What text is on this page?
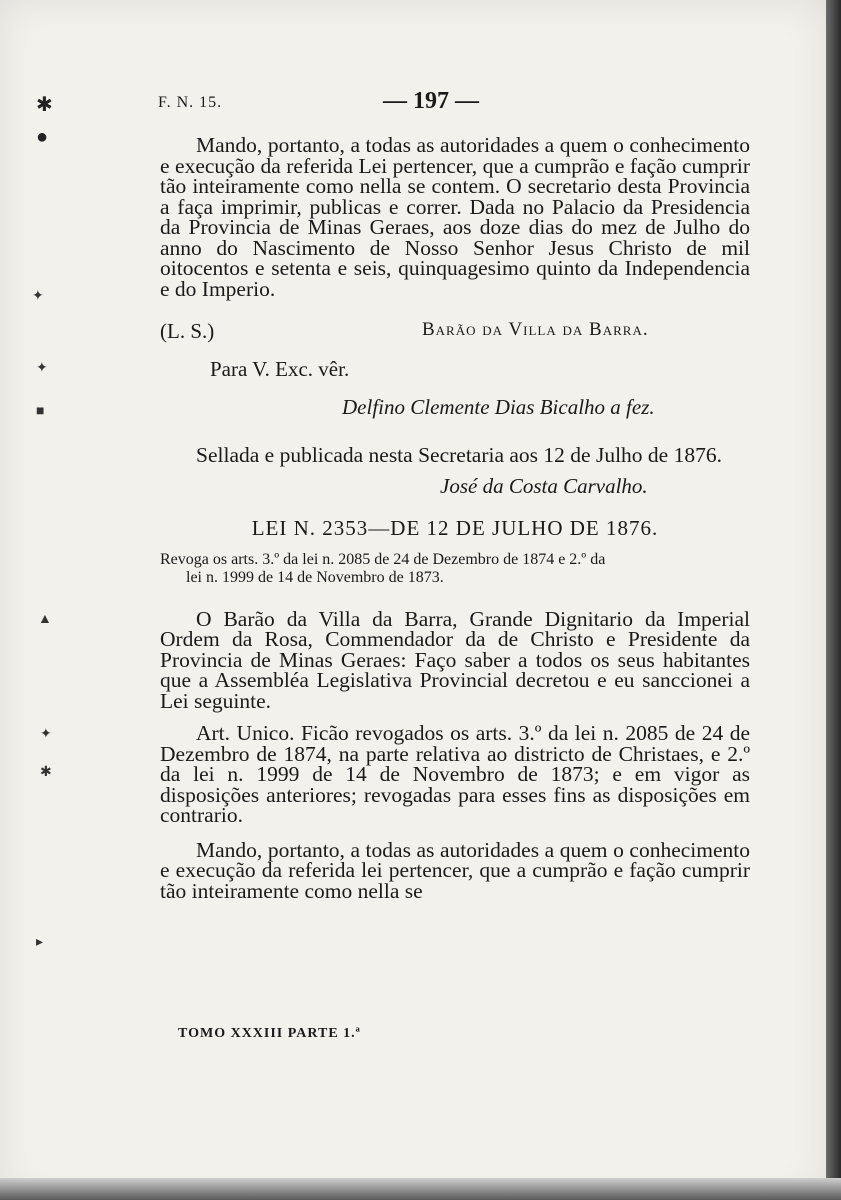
F. N. 15.	— 197 —

Mando, portanto, a todas as autoridades a quem o conhecimento e execução da referida Lei pertencer, que a cumprão e fação cumprir tão inteiramente como nella se contem. O secretario desta Provincia a faça imprimir, publicas e correr. Dada no Palacio da Presidencia da Provincia de Minas Geraes, aos doze dias do mez de Julho do anno do Nascimento de Nosso Senhor Jesus Christo de mil oitocentos e setenta e seis, quinquagesimo quinto da Independencia e do Imperio.

(L. S.)	Barão da Villa da Barra.
Para V. Exc. vêr.
Delfino Clemente Dias Bicalho a fez.

Sellada e publicada nesta Secretaria aos 12 de Julho de 1876.

José da Costa Carvalho.
LEI N. 2353—DE 12 DE JULHO DE 1876.
Revoga os arts. 3.º da lei n. 2085 de 24 de Dezembro de 1874 e 2.º da
lei n. 1999 de 14 de Novembro de 1873.

O Barão da Villa da Barra, Grande Dignitario da Imperial Ordem da Rosa, Commendador da de Christo e Presidente da Provincia de Minas Geraes: Faço saber a todos os seus habitantes que a Assembléa Legislativa Provincial decretou e eu sanccionei a Lei seguinte.

Art. Unico. Ficão revogados os arts. 3.º da lei n. 2085 de 24 de Dezembro de 1874, na parte relativa ao districto de Christaes, e 2.º da lei n. 1999 de 14 de Novembro de 1873; e em vigor as disposições anteriores; revogadas para esses fins as disposições em contrario.

Mando, portanto, a todas as autoridades a quem o conhecimento e execução da referida lei pertencer, que a cumprão e fação cumprir tão inteiramente como nella se

TOMO XXXIII PARTE 1.ª
✱
●
✦
✦
■
▲
✦
✱
▸
